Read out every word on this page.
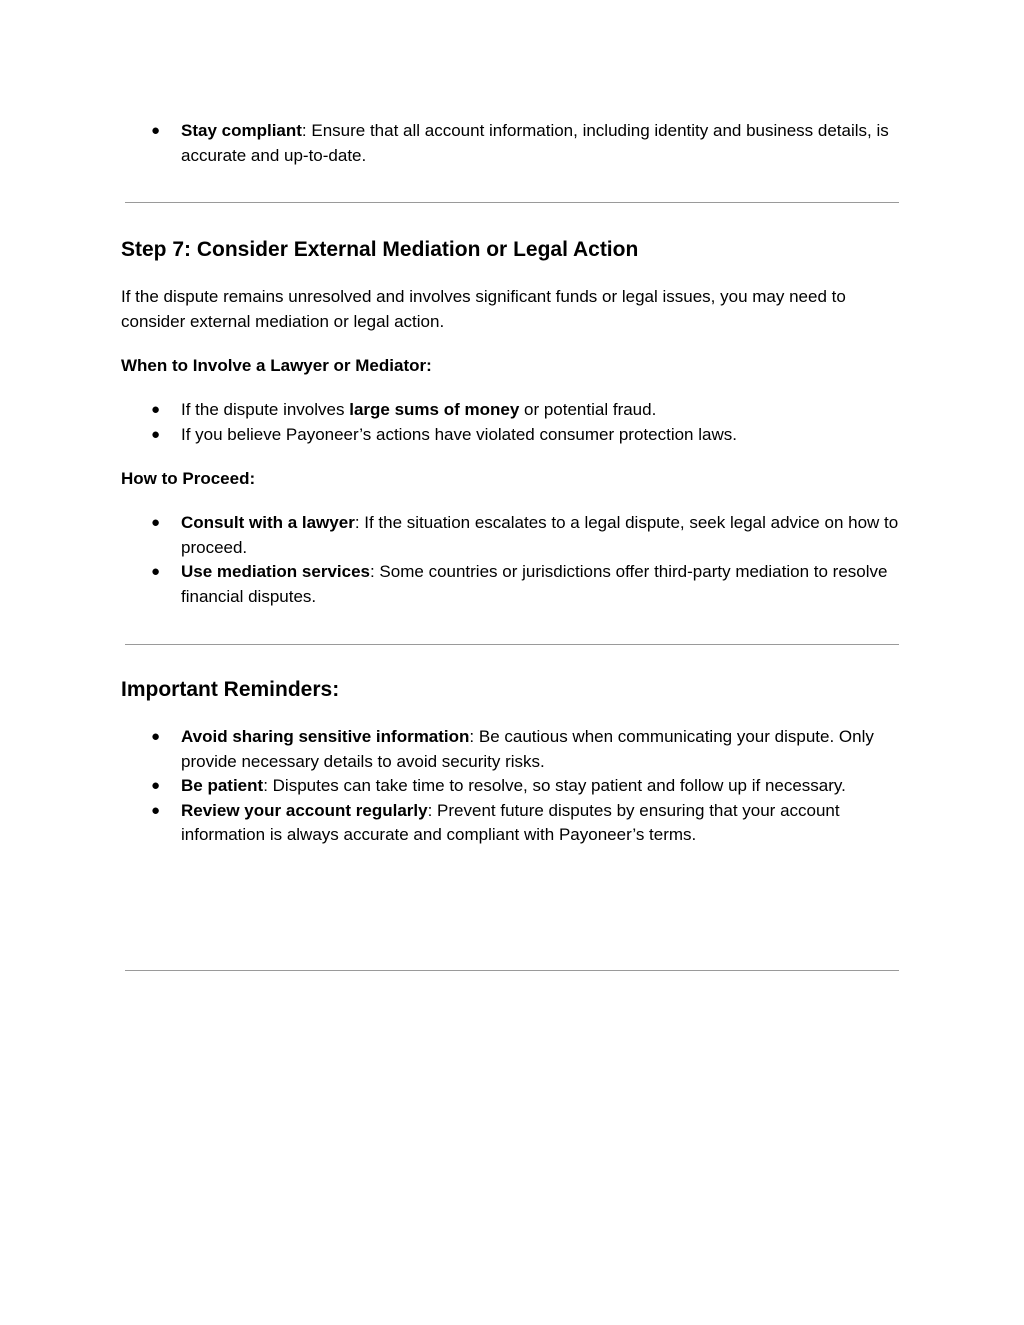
● Stay compliant: Ensure that all account information, including identity and business details, is accurate and up-to-date.
Step 7: Consider External Mediation or Legal Action

If the dispute remains unresolved and involves significant funds or legal issues, you may need to consider external mediation or legal action.

When to Involve a Lawyer or Mediator:
● If the dispute involves large sums of money or potential fraud.
● If you believe Payoneer’s actions have violated consumer protection laws.
How to Proceed:
● Consult with a lawyer: If the situation escalates to a legal dispute, seek legal advice on how to proceed.
● Use mediation services: Some countries or jurisdictions offer third-party mediation to resolve financial disputes.
Important Reminders:
● Avoid sharing sensitive information: Be cautious when communicating your dispute. Only provide necessary details to avoid security risks.
● Be patient: Disputes can take time to resolve, so stay patient and follow up if necessary.
● Review your account regularly: Prevent future disputes by ensuring that your account information is always accurate and compliant with Payoneer’s terms.
